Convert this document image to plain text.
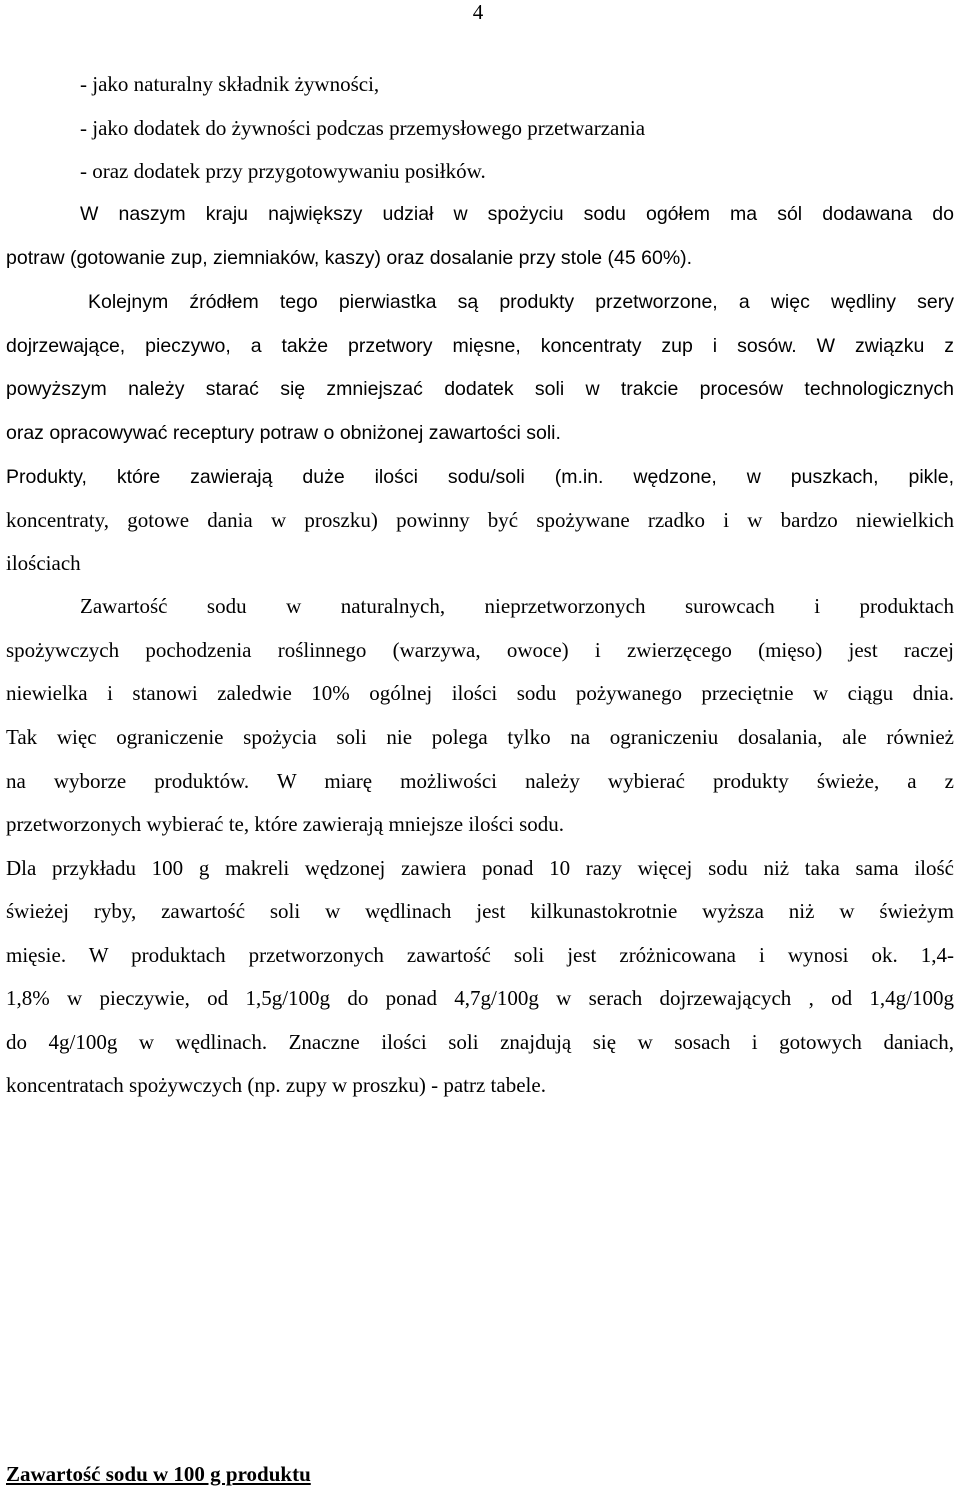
4
- jako naturalny składnik żywności,
- jako dodatek do żywności podczas przemysłowego przetwarzania
- oraz dodatek przy przygotowywaniu posiłków.
W naszym kraju największy udział w spożyciu sodu ogółem ma sól dodawana do
potraw (gotowanie zup, ziemniaków, kaszy) oraz dosalanie przy stole (45 60%).
Kolejnym źródłem tego pierwiastka są produkty przetworzone, a więc wędliny sery
dojrzewające, pieczywo, a także przetwory mięsne, koncentraty zup i sosów. W związku z
powyższym należy starać się zmniejszać dodatek soli w trakcie procesów technologicznych
oraz opracowywać receptury potraw o obniżonej zawartości soli.
Produkty, które zawierają duże ilości sodu/soli (m.in. wędzone, w puszkach, pikle,
koncentraty, gotowe dania w proszku) powinny być spożywane rzadko i w bardzo niewielkich
ilościach
Zawartość sodu w naturalnych, nieprzetworzonych surowcach i produktach
spożywczych pochodzenia roślinnego (warzywa, owoce) i zwierzęcego (mięso) jest raczej
niewielka i stanowi zaledwie 10% ogólnej ilości sodu pożywanego przeciętnie w ciągu dnia.
Tak więc ograniczenie spożycia soli nie polega tylko na ograniczeniu dosalania, ale również
na wyborze produktów. W miarę możliwości należy wybierać produkty świeże, a z
przetworzonych wybierać te, które zawierają mniejsze ilości sodu.
Dla przykładu 100 g makreli wędzonej zawiera ponad 10 razy więcej sodu niż taka sama ilość
świeżej ryby, zawartość soli w wędlinach jest kilkunastokrotnie wyższa niż w świeżym
mięsie. W produktach przetworzonych zawartość soli jest zróżnicowana i wynosi ok. 1,4-
1,8% w pieczywie, od 1,5g/100g do ponad 4,7g/100g w serach dojrzewających , od 1,4g/100g
do 4g/100g w wędlinach. Znaczne ilości soli znajdują się w sosach i gotowych daniach,
koncentratach spożywczych (np. zupy w proszku) - patrz tabele.
Zawartość sodu w 100 g produktu
